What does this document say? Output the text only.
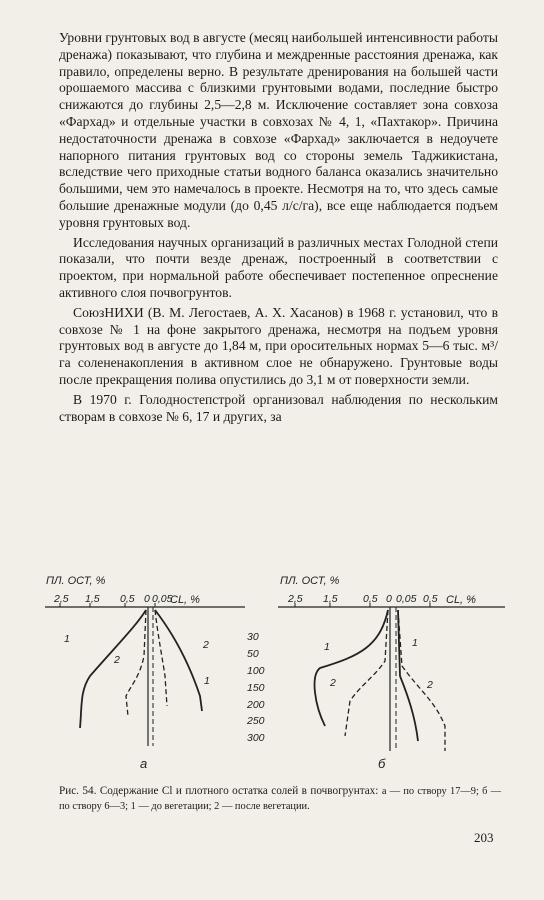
Уровни грунтовых вод в августе (месяц наибольшей интенсивности работы дренажа) показывают, что глубина и междренные расстояния дренажа, как правило, определены верно. В результате дренирования на большей части орошаемого массива с близкими грунтовыми водами, последние быстро снижаются до глубины 2,5—2,8 м. Исключение составляет зона совхоза «Фархад» и отдельные участки в совхозах № 4, 1, «Пахтакор». Причина недостаточности дренажа в совхозе «Фархад» заключается в недоучете напорного питания грунтовых вод со стороны земель Таджикистана, вследствие чего приходные статьи водного баланса оказались значительно большими, чем это намечалось в проекте. Несмотря на то, что здесь самые большие дренажные модули (до 0,45 л/с/га), все еще наблюдается подъем уровня грунтовых вод.

Исследования научных организаций в различных местах Голодной степи показали, что почти везде дренаж, построенный в соответствии с проектом, при нормальной работе обеспечивает постепенное опреснение активного слоя почвогрунтов.

СоюзНИХИ (В. М. Легостаев, А. Х. Хасанов) в 1968 г. установил, что в совхозе № 1 на фоне закрытого дренажа, несмотря на подъем уровня грунтовых вод в августе до 1,84 м, при оросительных нормах 5—6 тыс. м³/га солененакопления в активном слое не обнаружено. Грунтовые воды после прекращения полива опустились до 3,1 м от поверхности земли.

В 1970 г. Голодностепстрой организовал наблюдения по нескольким створам в совхозе № 6, 17 и других, за

ПЛ. ОСТ, %
CL, %
2,5 1,5 0,5 0 0,05
1
2
2
1
а
30
50
100
150
200
250
300
ПЛ. ОСТ, %
CL, %
2,5 1,5 0,5 0 0,05 0,5
1
2
1
2
б
Рис. 54. Содержание Cl и плотного остатка солей в почвогрунтах: а — по створу 17—9; б — по створу 6—3; 1 — до вегетации; 2 — после вегетации.
203
